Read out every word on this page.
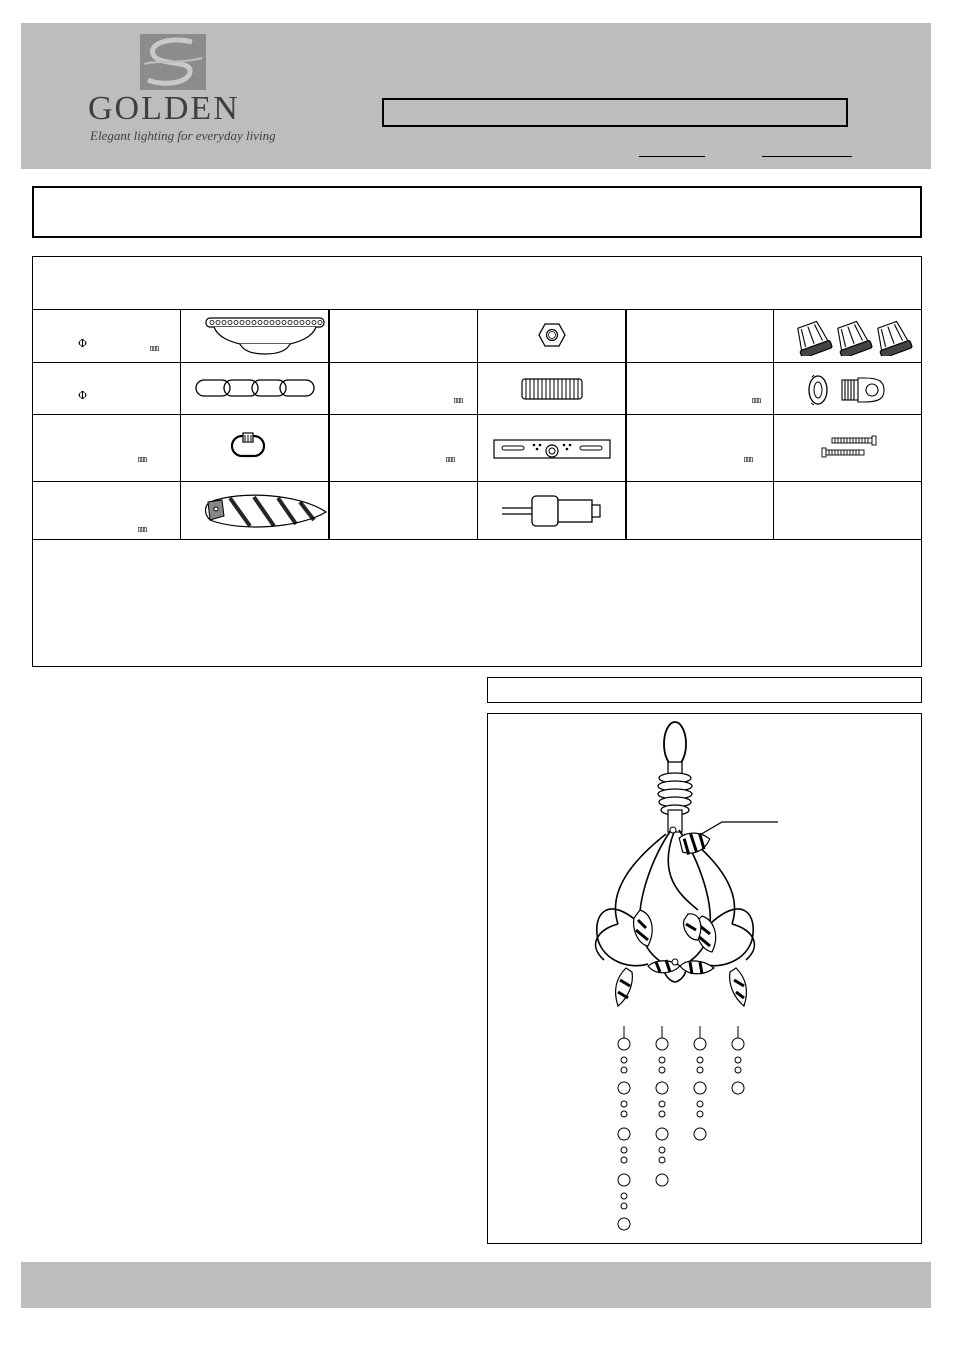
GOLDEN
Elegant lighting for everyday living
Φ	㎜
Φ
㎜
㎜
㎜
㎜
㎜
㎜
